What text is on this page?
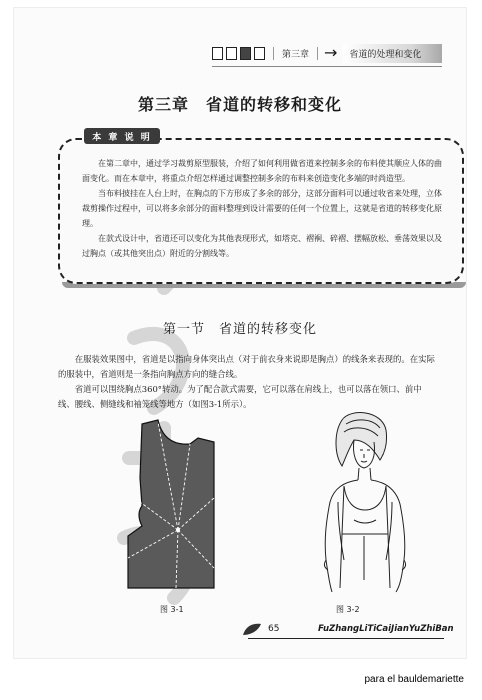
第三章 →	省道的处理和变化
第三章　省道的转移和变化

在第二章中，通过学习裁剪原型服装，介绍了如何利用做省道来控制多余的布料使其顺应人体的曲面变化。而在本章中，将重点介绍怎样通过调整控制多余的布料来创造变化多端的时尚造型。

当布料披挂在人台上时，在胸点的下方形成了多余的部分，这部分面料可以通过收省来处理，立体裁剪操作过程中，可以将多余部分的面料整理到设计需要的任何一个位置上，这就是省道的转移变化原理。

在款式设计中，省道还可以变化为其他表现形式，如塔克、褶裥、碎褶、摆幅放松、垂荡效果以及过胸点（或其他突出点）附近的分割线等。

本 章 说 明
第一节　省道的转移变化

在服装效果图中，省道是以指向身体突出点（对于前衣身来说即是胸点）的线条来表现的。在实际的服装中，省道则是一条指向胸点方向的缝合线。

省道可以围绕胸点360°转动。为了配合款式需要，它可以落在肩线上，也可以落在领口、前中线、腰线、侧缝线和袖笼线等地方（如图3-1所示）。

图 3-1	图 3-2
65	FuZhangLiTiCaiJianYuZhiBan
para el bauldemariette
